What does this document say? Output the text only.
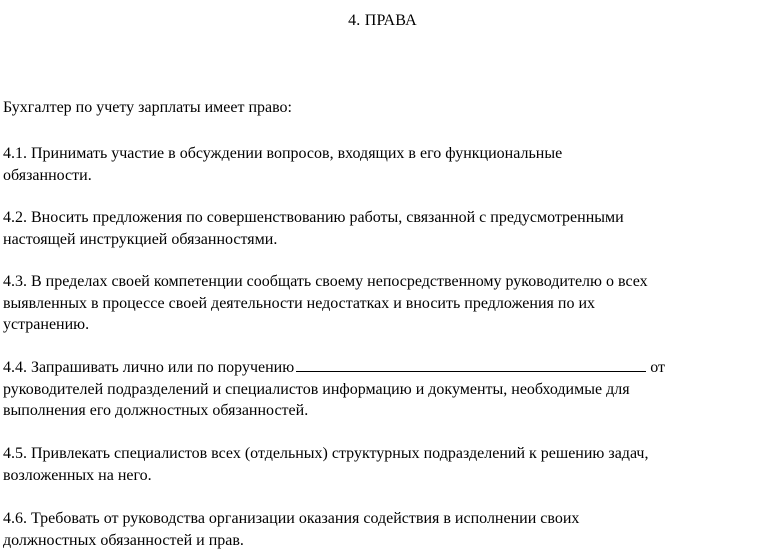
4. ПРАВА
Бухгалтер по учету зарплаты имеет право:
4.1. Принимать участие в обсуждении вопросов, входящих в его функциональные
обязанности.
4.2. Вносить предложения по совершенствованию работы, связанной с предусмотренными
настоящей инструкцией обязанностями.
4.3. В пределах своей компетенции сообщать своему непосредственному руководителю о всех
выявленных в процессе своей деятельности недостатках и вносить предложения по их
устранению.
4.4. Запрашивать лично или по поручению	от
руководителей подразделений и специалистов информацию и документы, необходимые для
выполнения его должностных обязанностей.
4.5. Привлекать специалистов всех (отдельных) структурных подразделений к решению задач,
возложенных на него.
4.6. Требовать от руководства организации оказания содействия в исполнении своих
должностных обязанностей и прав.
